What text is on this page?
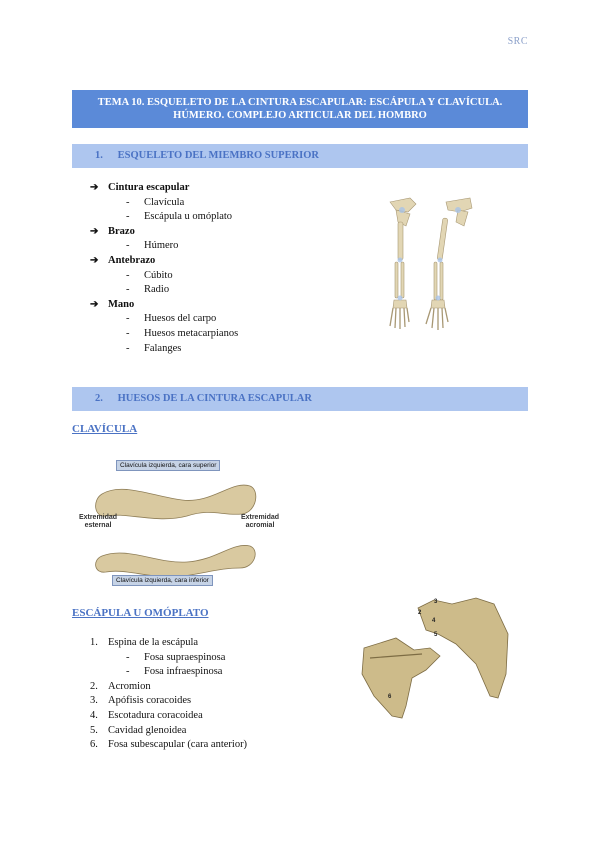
SRC
TEMA 10. ESQUELETO DE LA CINTURA ESCAPULAR: ESCÁPULA Y CLAVÍCULA.
HÚMERO. COMPLEJO ARTICULAR DEL HOMBRO
1. ESQUELETO DEL MIEMBRO SUPERIOR
➔ Cintura escapular
- Clavícula
- Escápula u omóplato
➔ Brazo
- Húmero
➔ Antebrazo
- Cúbito
- Radio
➔ Mano
- Huesos del carpo
- Huesos metacarpianos
- Falanges
2. HUESOS DE LA CINTURA ESCAPULAR
CLAVÍCULA
Clavícula izquierda, cara superior
Extremidad
esternal
Extremidad
acromial
Clavícula izquierda, cara inferior
ESCÁPULA U OMÓPLATO
1. Espina de la escápula
- Fosa supraespinosa
- Fosa infraespinosa
2. Acromion
3. Apófisis coracoides
4. Escotadura coracoidea
5. Cavidad glenoidea
6. Fosa subescapular (cara anterior)
2
3
4
5
6
